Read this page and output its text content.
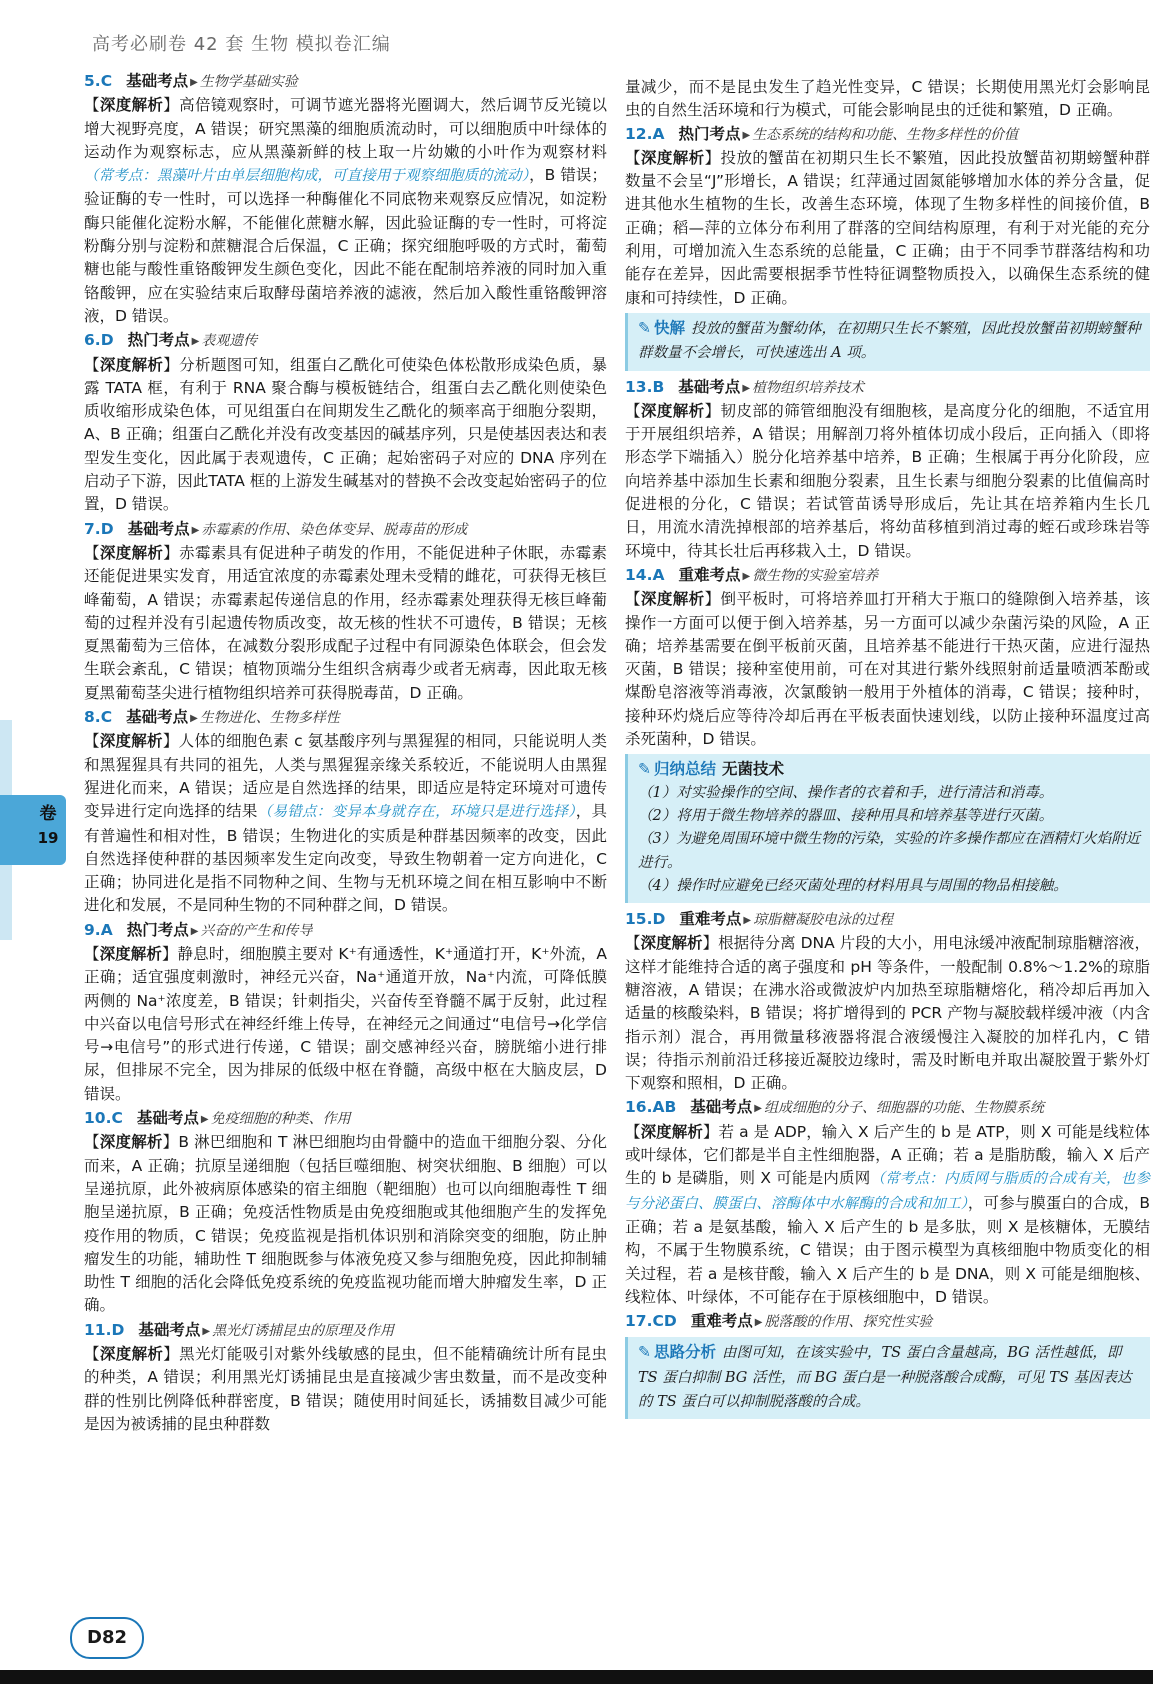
高考必刷卷 42 套 生物 模拟卷汇编
卷
19
5.C 基础考点 ▶ 生物学基础实验
【 深度解析 】 高倍镜观察时，可调节遮光器将光圈调大，然后调节反光镜以增大视野亮度，A 错误；研究黑藻的细胞质流动时，可以细胞质中叶绿体的运动作为观察标志，应从黑藻新鲜的枝上取一片幼嫩的小叶作为观察材料（常考点：黑藻叶片由单层细胞构成，可直接用于观察细胞质的流动），B 错误；验证酶的专一性时，可以选择一种酶催化不同底物来观察反应情况，如淀粉酶只能催化淀粉水解，不能催化蔗糖水解，因此验证酶的专一性时，可将淀粉酶分别与淀粉和蔗糖混合后保温，C 正确；探究细胞呼吸的方式时，葡萄糖也能与酸性重铬酸钾发生颜色变化，因此不能在配制培养液的同时加入重铬酸钾，应在实验结束后取酵母菌培养液的滤液，然后加入酸性重铬酸钾溶液，D 错误。
6.D 热门考点 ▶ 表观遗传
【 深度解析 】 分析题图可知，组蛋白乙酰化可使染色体松散形成染色质，暴露 TATA 框，有利于 RNA 聚合酶与模板链结合，组蛋白去乙酰化则使染色质收缩形成染色体，可见组蛋白在间期发生乙酰化的频率高于细胞分裂期，A、B 正确；组蛋白乙酰化并没有改变基因的碱基序列，只是使基因表达和表型发生变化，因此属于表观遗传，C 正确；起始密码子对应的 DNA 序列在启动子下游，因此TATA 框的上游发生碱基对的替换不会改变起始密码子的位置，D 错误。
7.D 基础考点 ▶ 赤霉素的作用、染色体变异、脱毒苗的形成
【 深度解析 】 赤霉素具有促进种子萌发的作用，不能促进种子休眠，赤霉素还能促进果实发育，用适宜浓度的赤霉素处理未受精的雌花，可获得无核巨峰葡萄，A 错误；赤霉素起传递信息的作用，经赤霉素处理获得无核巨峰葡萄的过程并没有引起遗传物质改变，故无核的性状不可遗传，B 错误；无核夏黑葡萄为三倍体，在减数分裂形成配子过程中有同源染色体联会，但会发生联会紊乱，C 错误；植物顶端分生组织含病毒少或者无病毒，因此取无核夏黑葡萄茎尖进行植物组织培养可获得脱毒苗，D 正确。
8.C 基础考点 ▶ 生物进化、生物多样性
【 深度解析 】 人体的细胞色素 c 氨基酸序列与黑猩猩的相同，只能说明人类和黑猩猩具有共同的祖先，人类与黑猩猩亲缘关系较近，不能说明人由黑猩猩进化而来，A 错误；适应是自然选择的结果，即适应是特定环境对可遗传变异进行定向选择的结果（易错点：变异本身就存在，环境只是进行选择），具有普遍性和相对性，B 错误；生物进化的实质是种群基因频率的改变，因此自然选择使种群的基因频率发生定向改变，导致生物朝着一定方向进化，C 正确；协同进化是指不同物种之间、生物与无机环境之间在相互影响中不断进化和发展，不是同种生物的不同种群之间，D 错误。
9.A 热门考点 ▶ 兴奋的产生和传导
【 深度解析 】 静息时，细胞膜主要对 K⁺有通透性，K⁺通道打开，K⁺外流，A 正确；适宜强度刺激时，神经元兴奋，Na⁺通道开放，Na⁺内流，可降低膜两侧的 Na⁺浓度差，B 错误；针刺指尖，兴奋传至脊髓不属于反射，此过程中兴奋以电信号形式在神经纤维上传导，在神经元之间通过“电信号→化学信号→电信号”的形式进行传递，C 错误；副交感神经兴奋，膀胱缩小进行排尿，但排尿不完全，因为排尿的低级中枢在脊髓，高级中枢在大脑皮层，D 错误。
10.C 基础考点 ▶ 免疫细胞的种类、作用
【 深度解析 】 B 淋巴细胞和 T 淋巴细胞均由骨髓中的造血干细胞分裂、分化而来，A 正确；抗原呈递细胞（包括巨噬细胞、树突状细胞、B 细胞）可以呈递抗原，此外被病原体感染的宿主细胞（靶细胞）也可以向细胞毒性 T 细胞呈递抗原，B 正确；免疫活性物质是由免疫细胞或其他细胞产生的发挥免疫作用的物质，C 错误；免疫监视是指机体识别和消除突变的细胞，防止肿瘤发生的功能，辅助性 T 细胞既参与体液免疫又参与细胞免疫，因此抑制辅助性 T 细胞的活化会降低免疫系统的免疫监视功能而增大肿瘤发生率，D 正确。
11.D 基础考点 ▶ 黑光灯诱捕昆虫的原理及作用
【 深度解析 】 黑光灯能吸引对紫外线敏感的昆虫，但不能精确统计所有昆虫的种类，A 错误；利用黑光灯诱捕昆虫是直接减少害虫数量，而不是改变种群的性别比例降低种群密度，B 错误；随使用时间延长，诱捕数目减少可能是因为被诱捕的昆虫种群数
量减少，而不是昆虫发生了趋光性变异，C 错误；长期使用黑光灯会影响昆虫的自然生活环境和行为模式，可能会影响昆虫的迁徙和繁殖，D 正确。
12.A 热门考点 ▶ 生态系统的结构和功能、生物多样性的价值
【 深度解析 】 投放的蟹苗在初期只生长不繁殖，因此投放蟹苗初期螃蟹种群数量不会呈“J”形增长，A 错误；红萍通过固氮能够增加水体的养分含量，促进其他水生植物的生长，改善生态环境，体现了生物多样性的间接价值，B 正确；稻—萍的立体分布利用了群落的空间结构原理，有利于对光能的充分利用，可增加流入生态系统的总能量，C 正确；由于不同季节群落结构和功能存在差异，因此需要根据季节性特征调整物质投入，以确保生态系统的健康和可持续性，D 正确。
✎ 快解 投放的蟹苗为蟹幼体，在初期只生长不繁殖，因此投放蟹苗初期螃蟹种群数量不会增长，可快速选出 A 项。
13.B 基础考点 ▶ 植物组织培养技术
【 深度解析 】 韧皮部的筛管细胞没有细胞核，是高度分化的细胞，不适宜用于开展组织培养，A 错误；用解剖刀将外植体切成小段后，正向插入（即将形态学下端插入）脱分化培养基中培养，B 正确；生根属于再分化阶段，应向培养基中添加生长素和细胞分裂素，且生长素与细胞分裂素的比值偏高时促进根的分化，C 错误；若试管苗诱导形成后，先让其在培养箱内生长几日，用流水清洗掉根部的培养基后，将幼苗移植到消过毒的蛭石或珍珠岩等环境中，待其长壮后再移栽入土，D 错误。
14.A 重难考点 ▶ 微生物的实验室培养
【 深度解析 】 倒平板时，可将培养皿打开稍大于瓶口的缝隙倒入培养基，该操作一方面可以便于倒入培养基，另一方面可以减少杂菌污染的风险，A 正确；培养基需要在倒平板前灭菌，且培养基不能进行干热灭菌，应进行湿热灭菌，B 错误；接种室使用前，可在对其进行紫外线照射前适量喷洒苯酚或煤酚皂溶液等消毒液，次氯酸钠一般用于外植体的消毒，C 错误；接种时，接种环灼烧后应等待冷却后再在平板表面快速划线，以防止接种环温度过高杀死菌种，D 错误。
✎ 归纳总结 无菌技术
（1）对实验操作的空间、操作者的衣着和手，进行清洁和消毒。
（2）将用于微生物培养的器皿、接种用具和培养基等进行灭菌。
（3）为避免周围环境中微生物的污染，实验的许多操作都应在酒精灯火焰附近进行。
（4）操作时应避免已经灭菌处理的材料用具与周围的物品相接触。
15.D 重难考点 ▶ 琼脂糖凝胶电泳的过程
【 深度解析 】 根据待分离 DNA 片段的大小，用电泳缓冲液配制琼脂糖溶液，这样才能维持合适的离子强度和 pH 等条件，一般配制 0.8%～1.2%的琼脂糖溶液，A 错误；在沸水浴或微波炉内加热至琼脂糖熔化，稍冷却后再加入适量的核酸染料，B 错误；将扩增得到的 PCR 产物与凝胶载样缓冲液（内含指示剂）混合，再用微量移液器将混合液缓慢注入凝胶的加样孔内，C 错误；待指示剂前沿迁移接近凝胶边缘时，需及时断电并取出凝胶置于紫外灯下观察和照相，D 正确。
16.AB 基础考点 ▶ 组成细胞的分子、细胞器的功能、生物膜系统
【 深度解析 】 若 a 是 ADP，输入 X 后产生的 b 是 ATP，则 X 可能是线粒体或叶绿体，它们都是半自主性细胞器，A 正确；若 a 是脂肪酸，输入 X 后产生的 b 是磷脂，则 X 可能是内质网（常考点：内质网与脂质的合成有关，也参与分泌蛋白、膜蛋白、溶酶体中水解酶的合成和加工），可参与膜蛋白的合成，B 正确；若 a 是氨基酸，输入 X 后产生的 b 是多肽，则 X 是核糖体，无膜结构，不属于生物膜系统，C 错误；由于图示模型为真核细胞中物质变化的相关过程，若 a 是核苷酸，输入 X 后产生的 b 是 DNA，则 X 可能是细胞核、线粒体、叶绿体，不可能存在于原核细胞中，D 错误。
17.CD 重难考点 ▶ 脱落酸的作用、探究性实验
✎ 思路分析 由图可知，在该实验中，TS 蛋白含量越高，BG 活性越低，即 TS 蛋白抑制 BG 活性，而 BG 蛋白是一种脱落酸合成酶，可见 TS 基因表达的 TS 蛋白可以抑制脱落酸的合成。
D82
